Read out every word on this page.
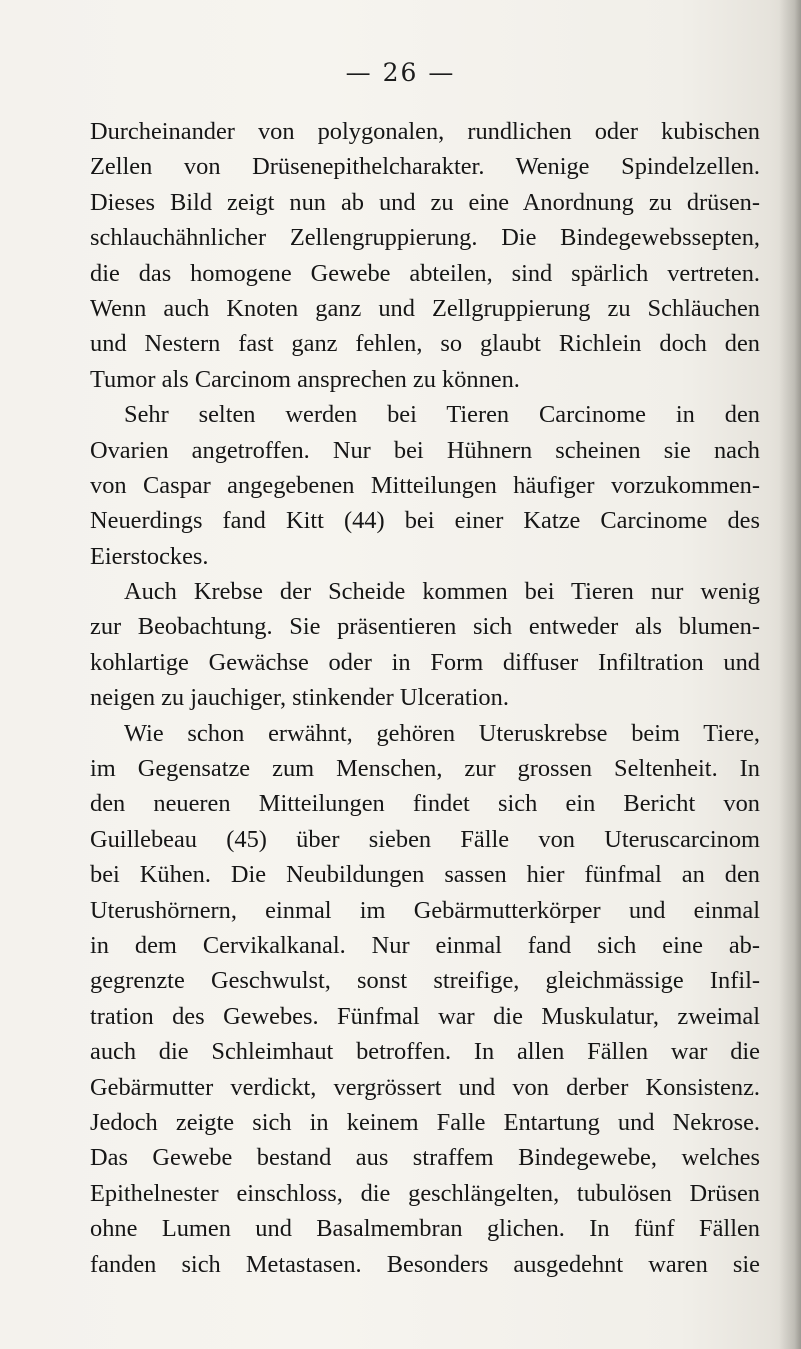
— 26 —
Durcheinander von polygonalen, rundlichen oder kubischen
Zellen von Drüsenepithelcharakter. Wenige Spindelzellen.
Dieses Bild zeigt nun ab und zu eine Anordnung zu drüsen-
schlauchähnlicher Zellengruppierung. Die Bindegewebssepten,
die das homogene Gewebe abteilen, sind spärlich vertreten.
Wenn auch Knoten ganz und Zellgruppierung zu Schläuchen
und Nestern fast ganz fehlen, so glaubt Richlein doch den
Tumor als Carcinom ansprechen zu können.
Sehr selten werden bei Tieren Carcinome in den
Ovarien angetroffen. Nur bei Hühnern scheinen sie nach
von Caspar angegebenen Mitteilungen häufiger vorzukommen-
Neuerdings fand Kitt (44) bei einer Katze Carcinome des
Eierstockes.
Auch Krebse der Scheide kommen bei Tieren nur wenig
zur Beobachtung. Sie präsentieren sich entweder als blumen-
kohlartige Gewächse oder in Form diffuser Infiltration und
neigen zu jauchiger, stinkender Ulceration.
Wie schon erwähnt, gehören Uteruskrebse beim Tiere,
im Gegensatze zum Menschen, zur grossen Seltenheit. In
den neueren Mitteilungen findet sich ein Bericht von
Guillebeau (45) über sieben Fälle von Uteruscarcinom
bei Kühen. Die Neubildungen sassen hier fünfmal an den
Uterushörnern, einmal im Gebärmutterkörper und einmal
in dem Cervikalkanal. Nur einmal fand sich eine ab-
gegrenzte Geschwulst, sonst streifige, gleichmässige Infil-
tration des Gewebes. Fünfmal war die Muskulatur, zweimal
auch die Schleimhaut betroffen. In allen Fällen war die
Gebärmutter verdickt, vergrössert und von derber Konsistenz.
Jedoch zeigte sich in keinem Falle Entartung und Nekrose.
Das Gewebe bestand aus straffem Bindegewebe, welches
Epithelnester einschloss, die geschlängelten, tubulösen Drüsen
ohne Lumen und Basalmembran glichen. In fünf Fällen
fanden sich Metastasen. Besonders ausgedehnt waren sie
